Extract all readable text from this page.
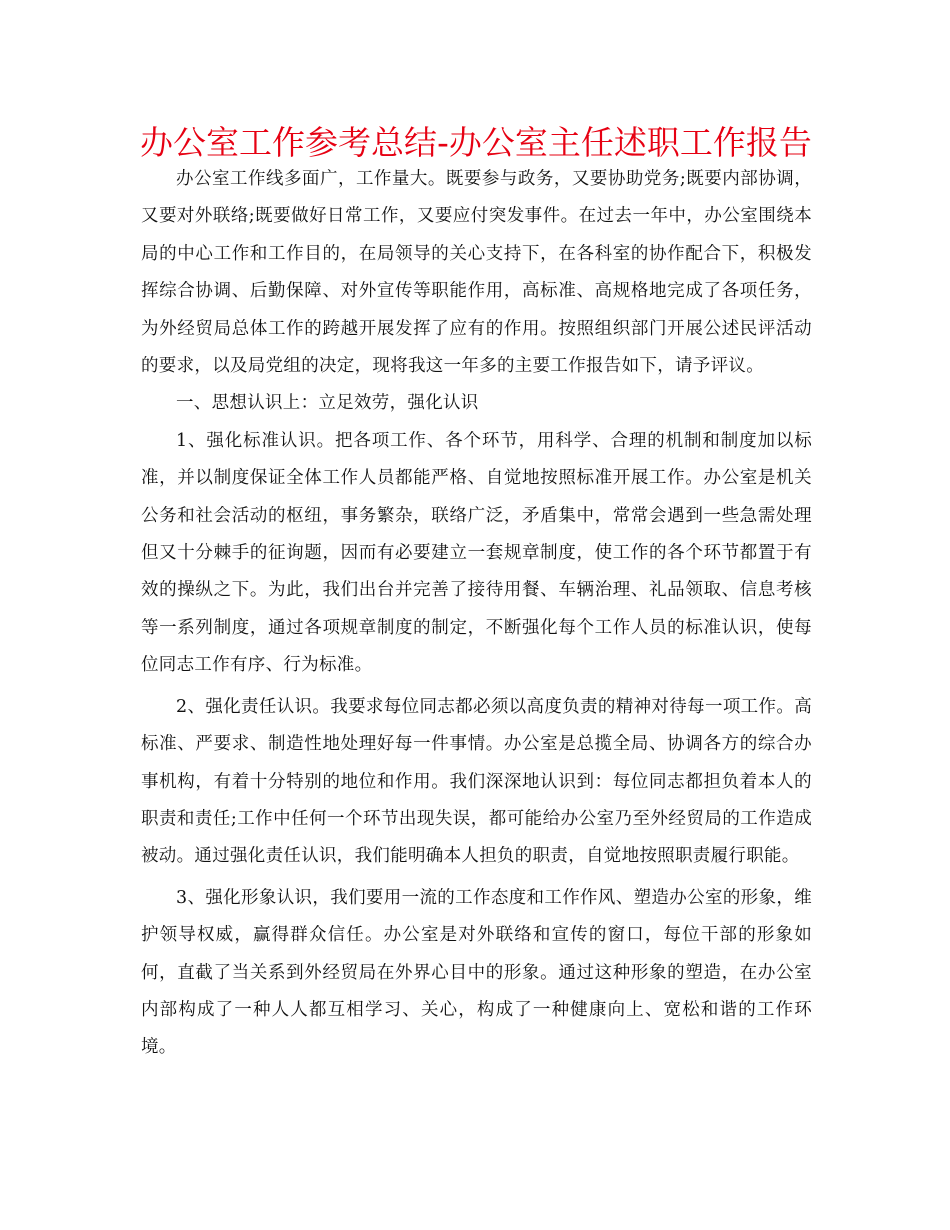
办公室工作参考总结-办公室主任述职工作报告

办公室工作线多面广，工作量大。既要参与政务，又要协助党务;既要内部协调，又要对外联络;既要做好日常工作，又要应付突发事件。在过去一年中，办公室围绕本局的中心工作和工作目的，在局领导的关心支持下，在各科室的协作配合下，积极发挥综合协调、后勤保障、对外宣传等职能作用，高标准、高规格地完成了各项任务，为外经贸局总体工作的跨越开展发挥了应有的作用。按照组织部门开展公述民评活动的要求，以及局党组的决定，现将我这一年多的主要工作报告如下，请予评议。

一、思想认识上：立足效劳，强化认识

1、强化标准认识。把各项工作、各个环节，用科学、合理的机制和制度加以标准，并以制度保证全体工作人员都能严格、自觉地按照标准开展工作。办公室是机关公务和社会活动的枢纽，事务繁杂，联络广泛，矛盾集中，常常会遇到一些急需处理但又十分棘手的征询题，因而有必要建立一套规章制度，使工作的各个环节都置于有效的操纵之下。为此，我们出台并完善了接待用餐、车辆治理、礼品领取、信息考核等一系列制度，通过各项规章制度的制定，不断强化每个工作人员的标准认识，使每位同志工作有序、行为标准。

2、强化责任认识。我要求每位同志都必须以高度负责的精神对待每一项工作。高标准、严要求、制造性地处理好每一件事情。办公室是总揽全局、协调各方的综合办事机构，有着十分特别的地位和作用。我们深深地认识到：每位同志都担负着本人的职责和责任;工作中任何一个环节出现失误，都可能给办公室乃至外经贸局的工作造成被动。通过强化责任认识，我们能明确本人担负的职责，自觉地按照职责履行职能。

3、强化形象认识，我们要用一流的工作态度和工作作风、塑造办公室的形象，维护领导权威，赢得群众信任。办公室是对外联络和宣传的窗口，每位干部的形象如何，直截了当关系到外经贸局在外界心目中的形象。通过这种形象的塑造，在办公室内部构成了一种人人都互相学习、关心，构成了一种健康向上、宽松和谐的工作环境。
